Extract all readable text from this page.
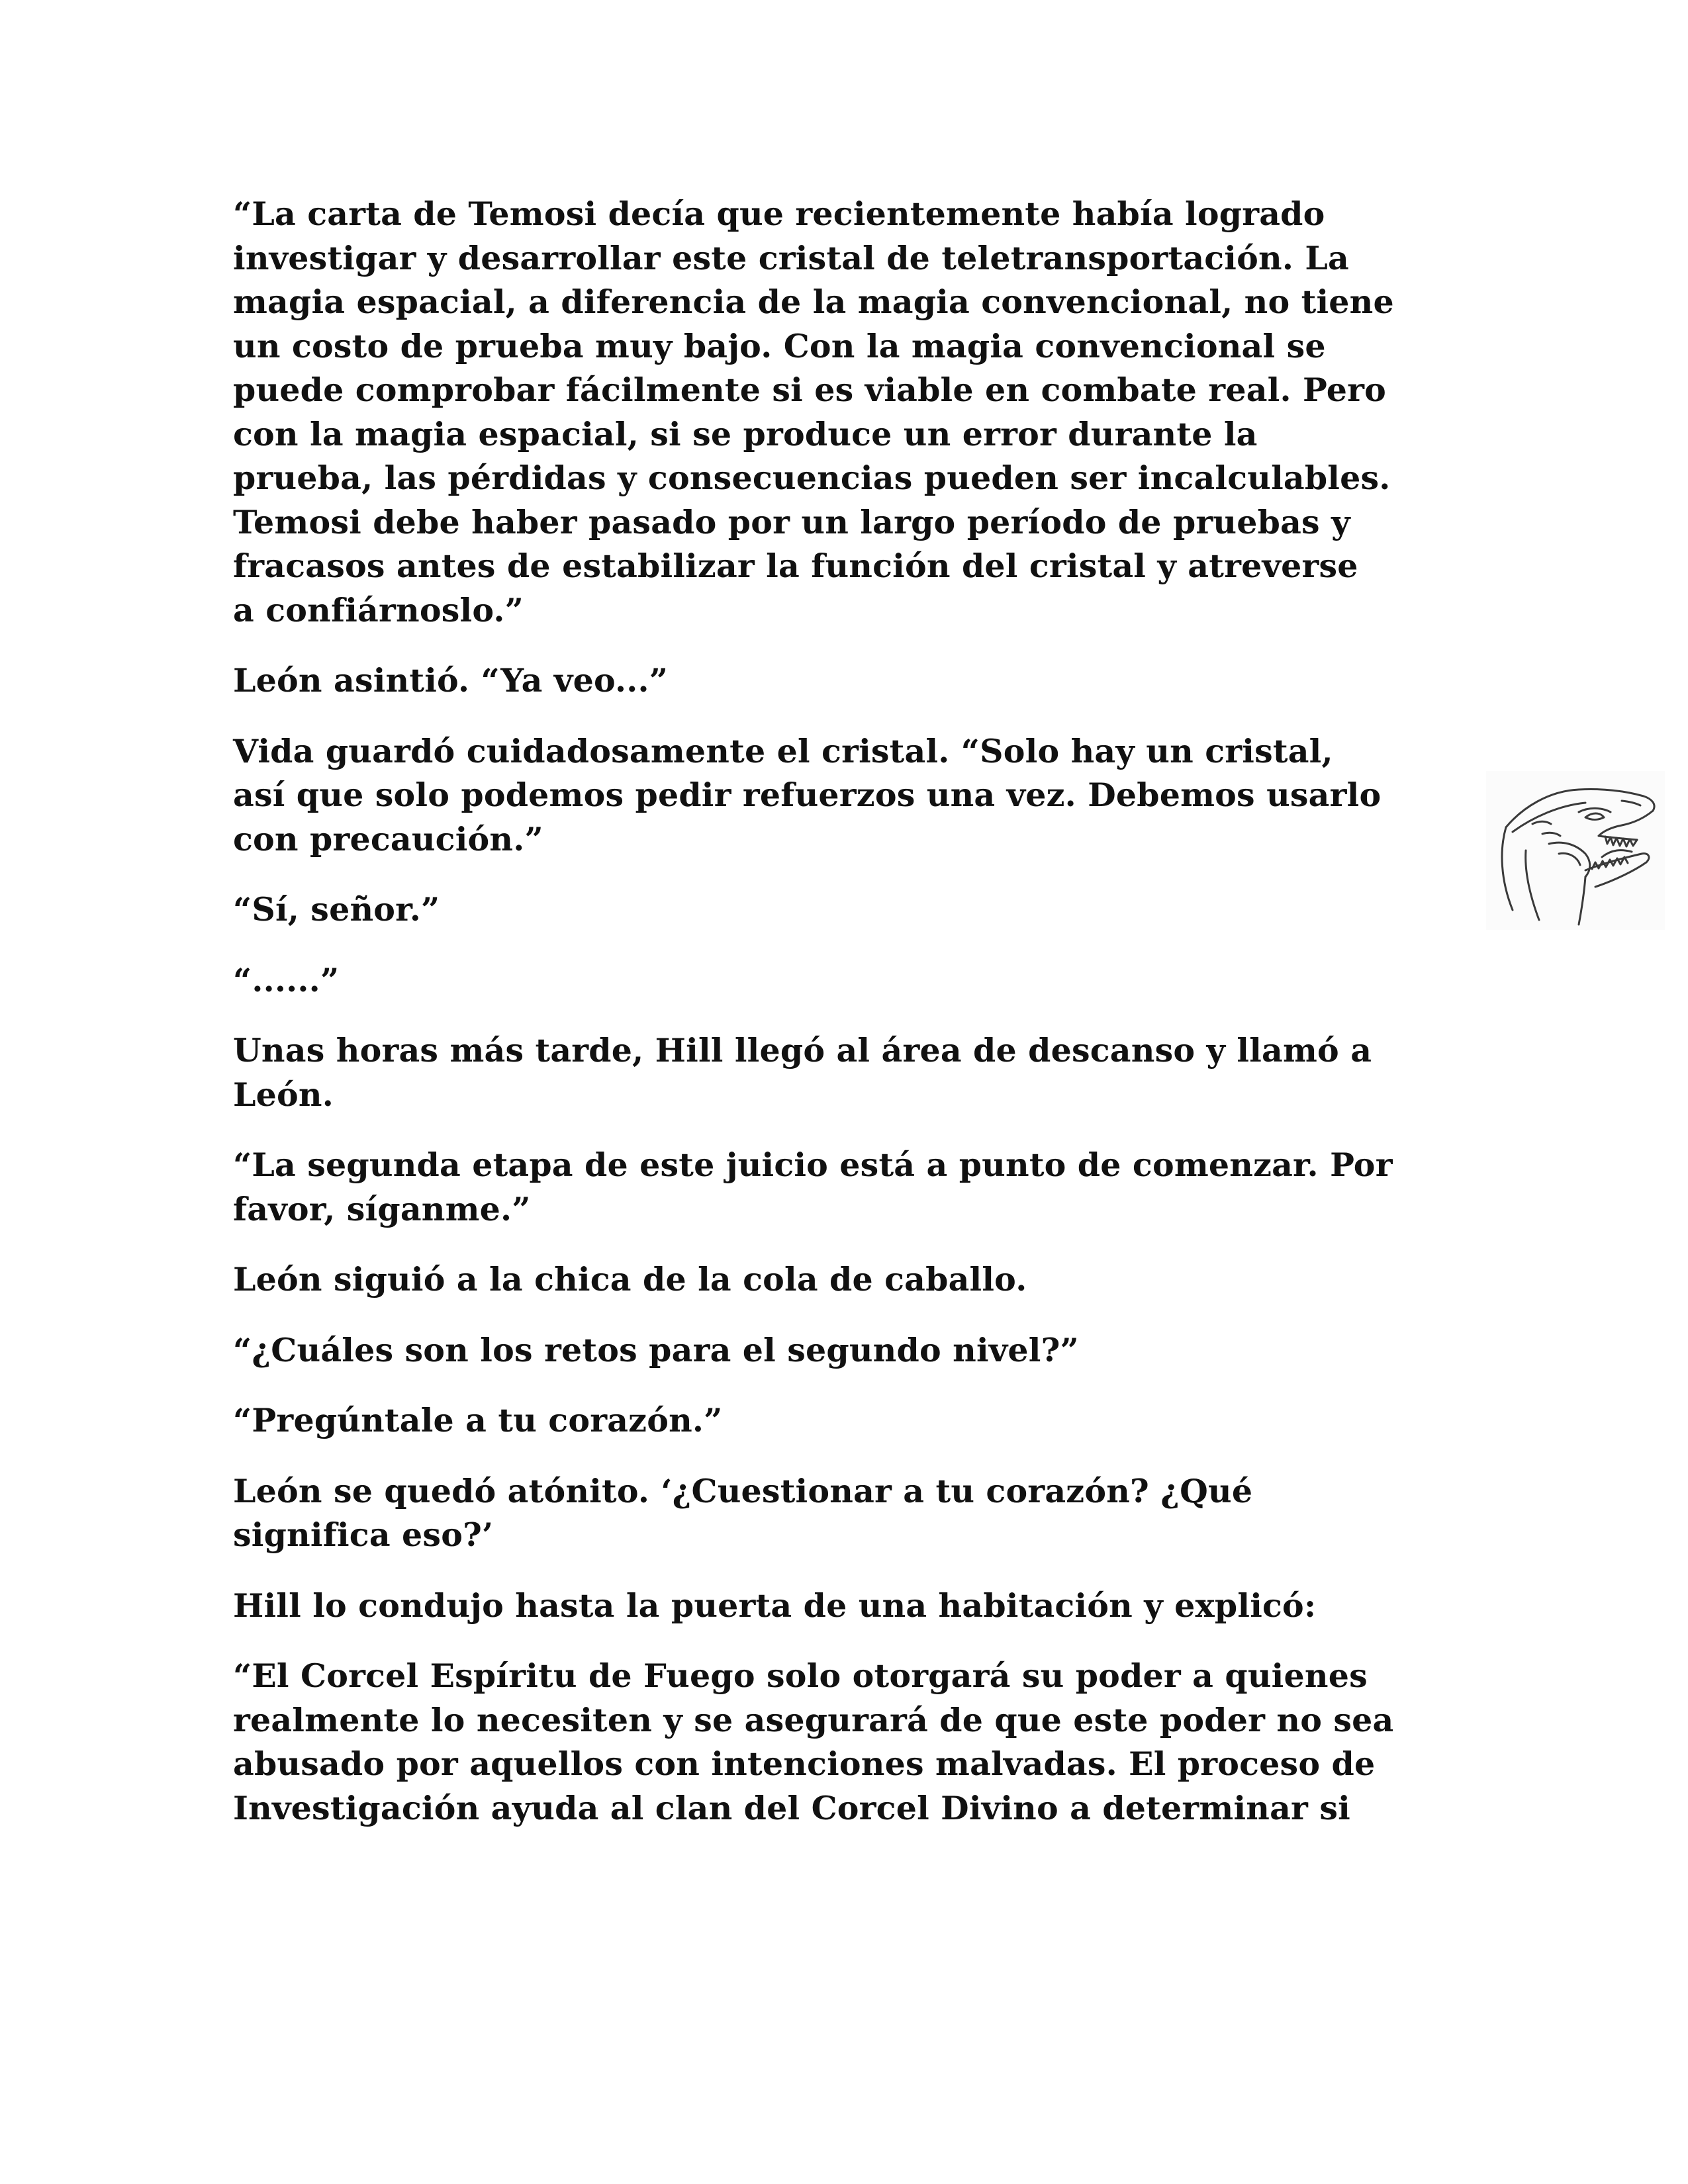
“La carta de Temosi decía que recientemente había logrado
investigar y desarrollar este cristal de teletransportación. La
magia espacial, a diferencia de la magia convencional, no tiene
un costo de prueba muy bajo. Con la magia convencional se
puede comprobar fácilmente si es viable en combate real. Pero
con la magia espacial, si se produce un error durante la
prueba, las pérdidas y consecuencias pueden ser incalculables.
Temosi debe haber pasado por un largo período de pruebas y
fracasos antes de estabilizar la función del cristal y atreverse
a confiárnoslo.”

León asintió. “Ya veo...”

Vida guardó cuidadosamente el cristal. “Solo hay un cristal,
así que solo podemos pedir refuerzos una vez. Debemos usarlo
con precaución.”

“Sí, señor.”

“......”

Unas horas más tarde, Hill llegó al área de descanso y llamó a
León.

“La segunda etapa de este juicio está a punto de comenzar. Por
favor, síganme.”

León siguió a la chica de la cola de caballo.

“¿Cuáles son los retos para el segundo nivel?”

“Pregúntale a tu corazón.”

León se quedó atónito. ‘¿Cuestionar a tu corazón? ¿Qué
significa eso?’

Hill lo condujo hasta la puerta de una habitación y explicó:

“El Corcel Espíritu de Fuego solo otorgará su poder a quienes
realmente lo necesiten y se asegurará de que este poder no sea
abusado por aquellos con intenciones malvadas. El proceso de
Investigación ayuda al clan del Corcel Divino a determinar si
